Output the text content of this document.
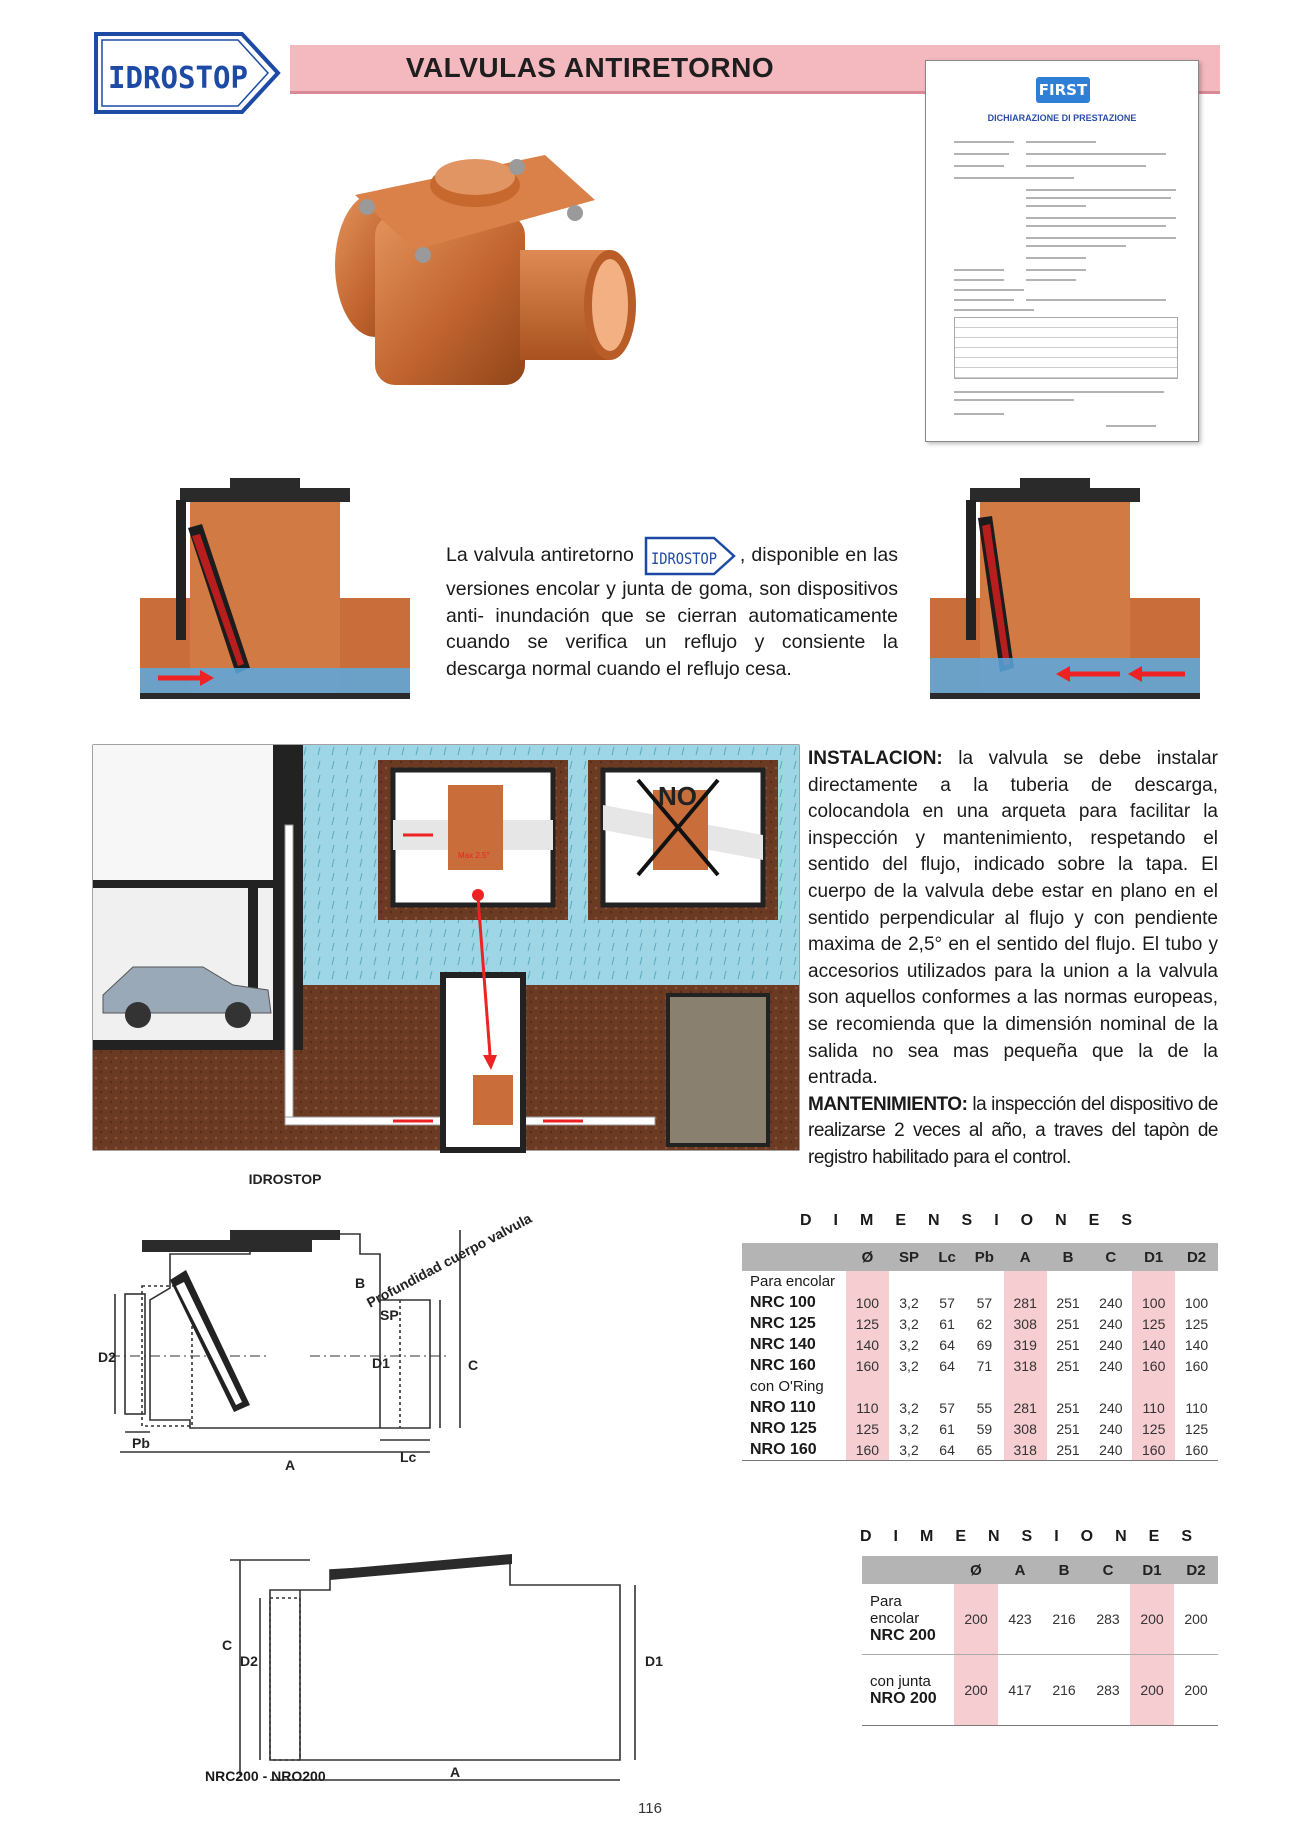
IDROSTOP	VALVULAS ANTIRETORNO
FIRST
DICHIARAZIONE DI PRESTAZIONE
La valvula antiretorno IDROSTOP , disponible en las versiones encolar y junta de goma, son dispositivos anti- inundación que se cierran automaticamente cuando se verifica un reflujo y consiente la descarga normal cuando el reflujo cesa.
Max 2.5°
NO
INSTALACION: la valvula se debe instalar directamente a la tuberia de descarga, colocandola en una arqueta para facilitar la inspección y mantenimiento, respetando el sentido del flujo, indicado sobre la tapa. El cuerpo de la valvula debe estar en plano en el sentido perpendicular al flujo y con pendiente maxima de 2,5° en el sentido del flujo. El tubo y accesorios utilizados para la union a la valvula son aquellos conformes a las normas europeas, se recomienda que la dimensión nominal de la salida no sea mas pequeña que la de la entrada.
MANTENIMIENTO: la inspección del dispositivo de realizarse 2 veces al año, a traves del tapòn de registro habilitado para el control.
IDROSTOP
B
Profundidad cuerpo valvula
SP
C
D1
D2
Pb
A	Lc
C
D2	D1
A
NRC200 - NRO200
DIMENSIONES
	Ø	SP	Lc	Pb	A	B	C	D1	D2
Para encolar									
NRC 100	100	3,2	57	57	281	251	240	100	100
NRC 125	125	3,2	61	62	308	251	240	125	125
NRC 140	140	3,2	64	69	319	251	240	140	140
NRC 160	160	3,2	64	71	318	251	240	160	160
con O'Ring									
NRO 110	110	3,2	57	55	281	251	240	110	110
NRO 125	125	3,2	61	59	308	251	240	125	125
NRO 160	160	3,2	64	65	318	251	240	160	160
DIMENSIONES
	Ø	A	B	C	D1	D2

Para encolar
NRC 200	200	423	216	283	200	200

con junta
NRO 200	200	417	216	283	200	200
116
